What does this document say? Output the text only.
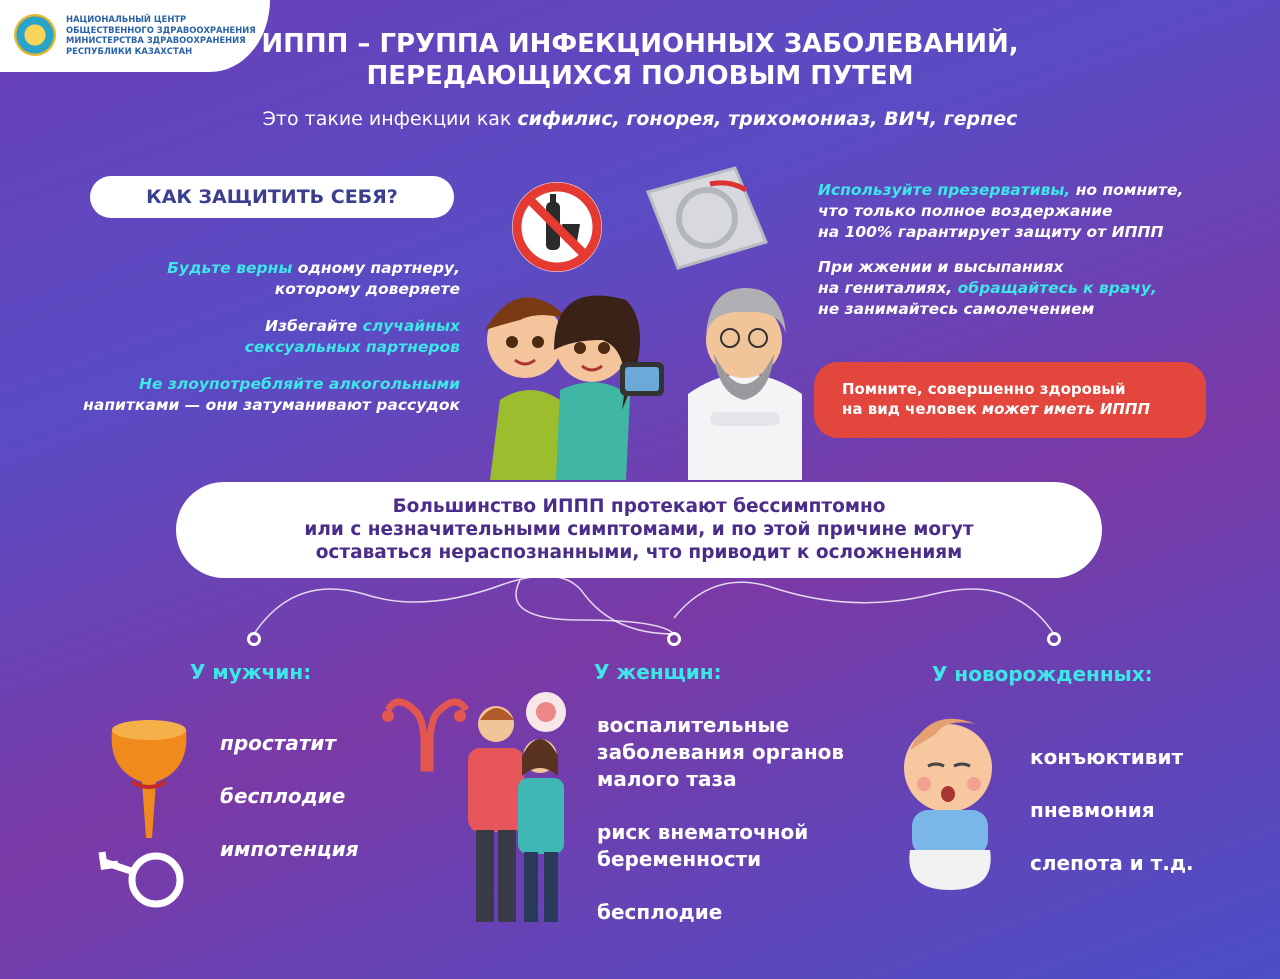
НАЦИОНАЛЬНЫЙ ЦЕНТР
ОБЩЕСТВЕННОГО ЗДРАВООХРАНЕНИЯ
МИНИСТЕРСТВА ЗДРАВООХРАНЕНИЯ
РЕСПУБЛИКИ КАЗАХСТАН	ИППП – ГРУППА ИНФЕКЦИОННЫХ ЗАБОЛЕВАНИЙ,
ПЕРЕДАЮЩИХСЯ ПОЛОВЫМ ПУТЕМ
Это такие инфекции как сифилис, гонорея, трихомониаз, ВИЧ, герпес
КАК ЗАЩИТИТЬ СЕБЯ?

Будьте верны одному партнеру,
которому доверяете

Избегайте случайных
сексуальных партнеров

Не злоупотребляйте алкогольными
напитками — они затуманивают рассудок

Используйте презервативы, но помните,
что только полное воздержание
на 100% гарантирует защиту от ИППП

При жжении и высыпаниях
на гениталиях, обращайтесь к врачу,
не занимайтесь самолечением

Помните, совершенно здоровый
на вид человек может иметь ИППП
Большинство ИППП протекают бессимптомно
или с незначительными симптомами, и по этой причине могут
оставаться нераспознанными, что приводит к осложнениям
У мужчин:	У женщин:	У новорожденных:

простатит

бесплодие

импотенция

воспалительные заболевания органов малого таза

риск внематочной беременности

бесплодие

конъюктивит

пневмония

слепота и т.д.
